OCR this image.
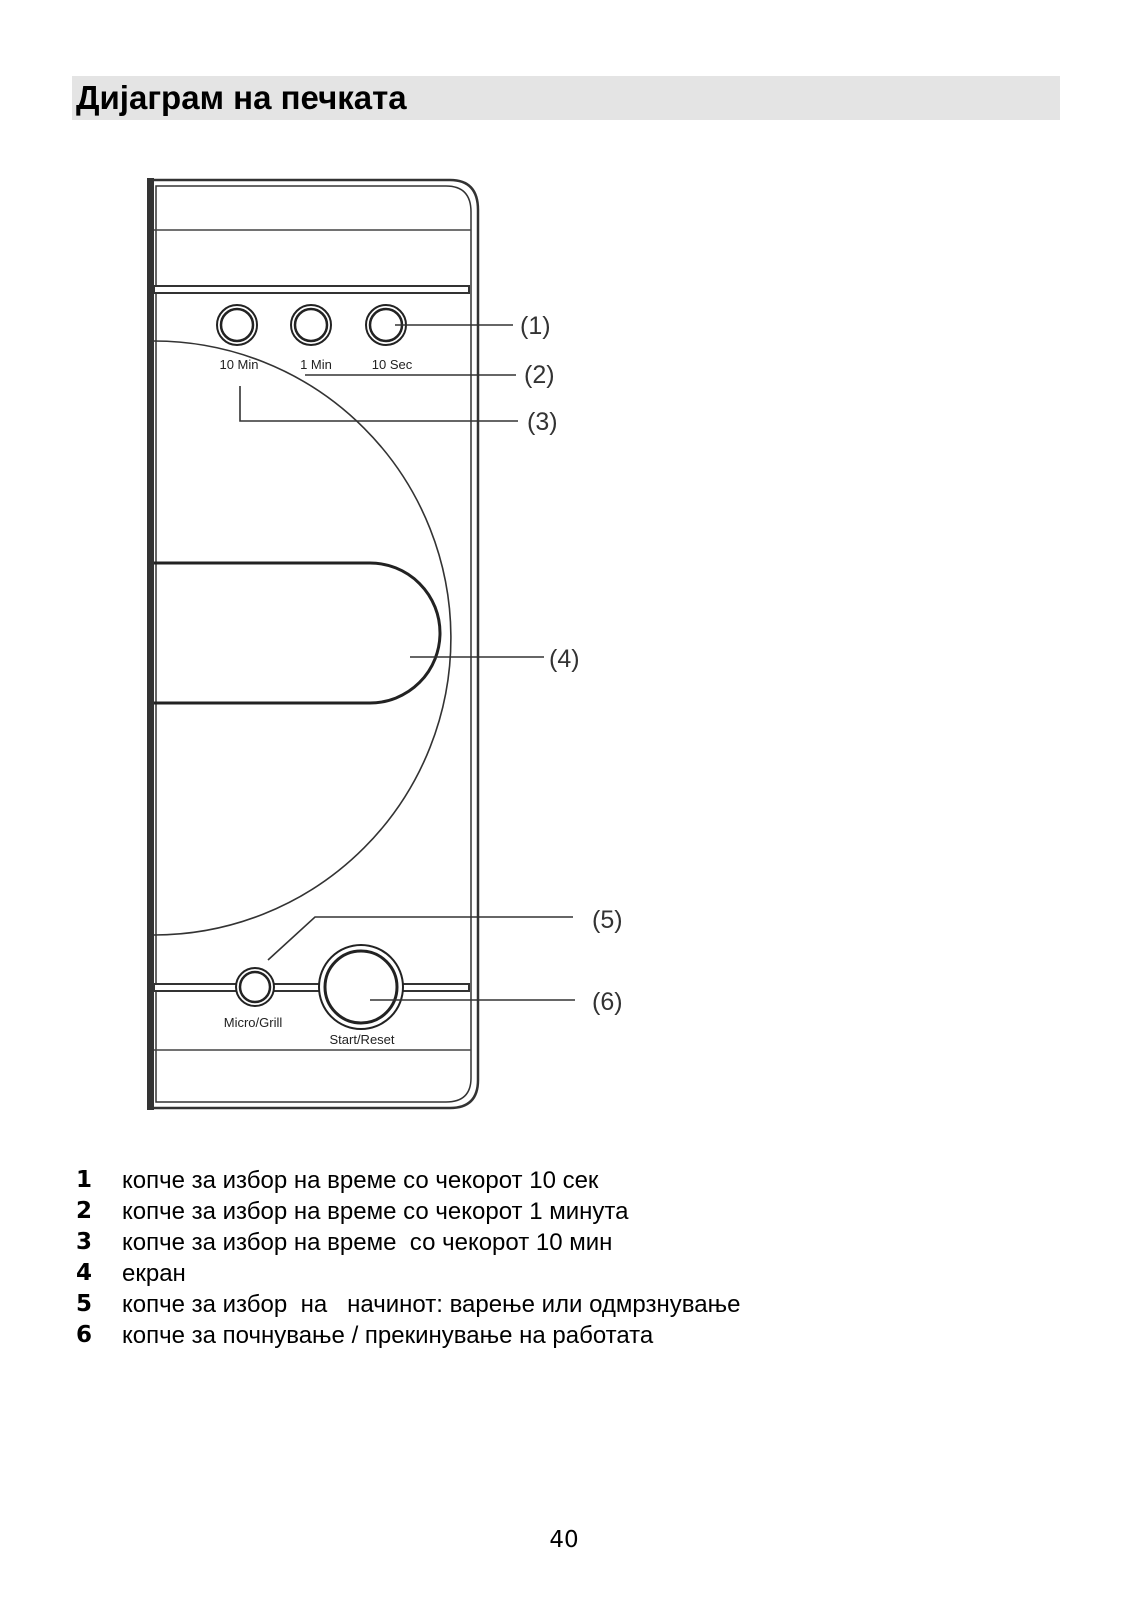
Дијаграм на печката
10 Min	1 Min	10 Sec
Micro/Grill
Start/Reset
(1)
(2)
(3)
(4)
(5)
(6)
1 копче за избор на време со чекорот 10 сек
2 копче за избор на време со чекорот 1 минута
3 копче за избор на време  со чекорот 10 мин
4 екран
5 копче за избор  на   начинот: варење или одмрзнување
6 копче за почнување / прекинување на работата
40
